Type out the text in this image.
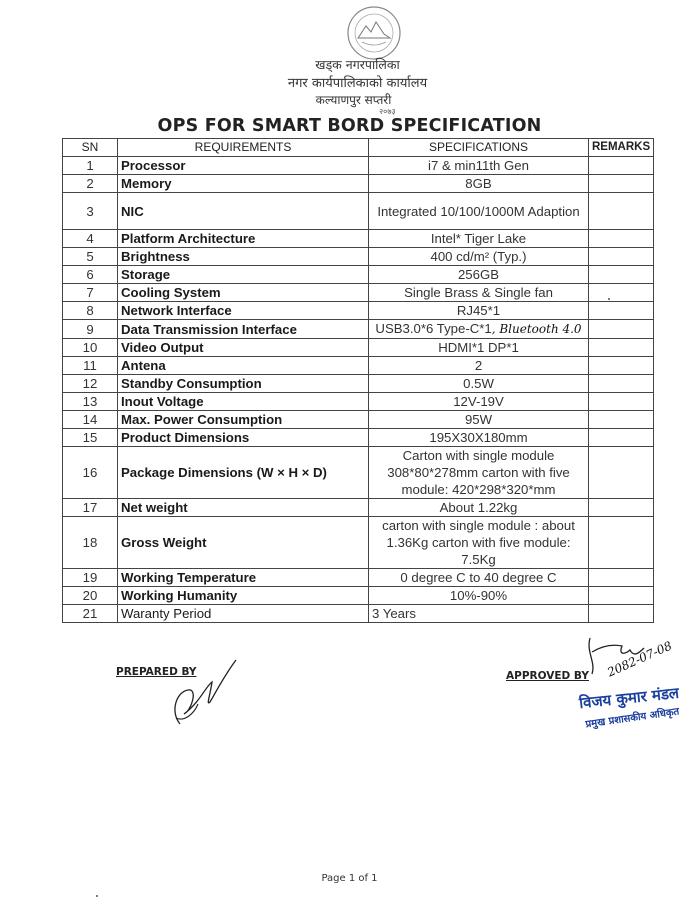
खड्क नगरपालिका
नगर कार्यपालिकाको कार्यालय
कल्याणपुर सप्तरी
२०७३
OPS FOR SMART BORD SPECIFICATION
SN	REQUIREMENTS	SPECIFICATIONS	REMARKS
1	Processor	i7 & min11th Gen	
2	Memory	8GB	
3	NIC	Integrated 10/100/1000M Adaption	
4	Platform Architecture	Intel* Tiger Lake	
5	Brightness	400 cd/m² (Typ.)	
6	Storage	256GB	
7	Cooling System	Single Brass & Single fan	
8	Network Interface	RJ45*1	
9	Data Transmission Interface	USB3.0*6 Type-C*1, Bluetooth 4.0	
10	Video Output	HDMI*1 DP*1	
11	Antena	2	
12	Standby Consumption	0.5W	
13	Inout Voltage	12V-19V	
14	Max. Power Consumption	95W	
15	Product Dimensions	195X30X180mm	
16	Package Dimensions (W × H × D)	Carton with single module 308*80*278mm carton with five module: 420*298*320*mm	
17	Net weight	About 1.22kg	
18	Gross Weight	carton with single module : about 1.36Kg carton with five module: 7.5Kg	
19	Working Temperature	0 degree C to 40 degree C	
20	Working Humanity	10%-90%	
21	Waranty Period	3 Years	
PREPARED BY	APPROVED BY 2082-07-08
विजय कुमार मंडल
प्रमुख प्रशासकीय अधिकृत
Page 1 of 1
